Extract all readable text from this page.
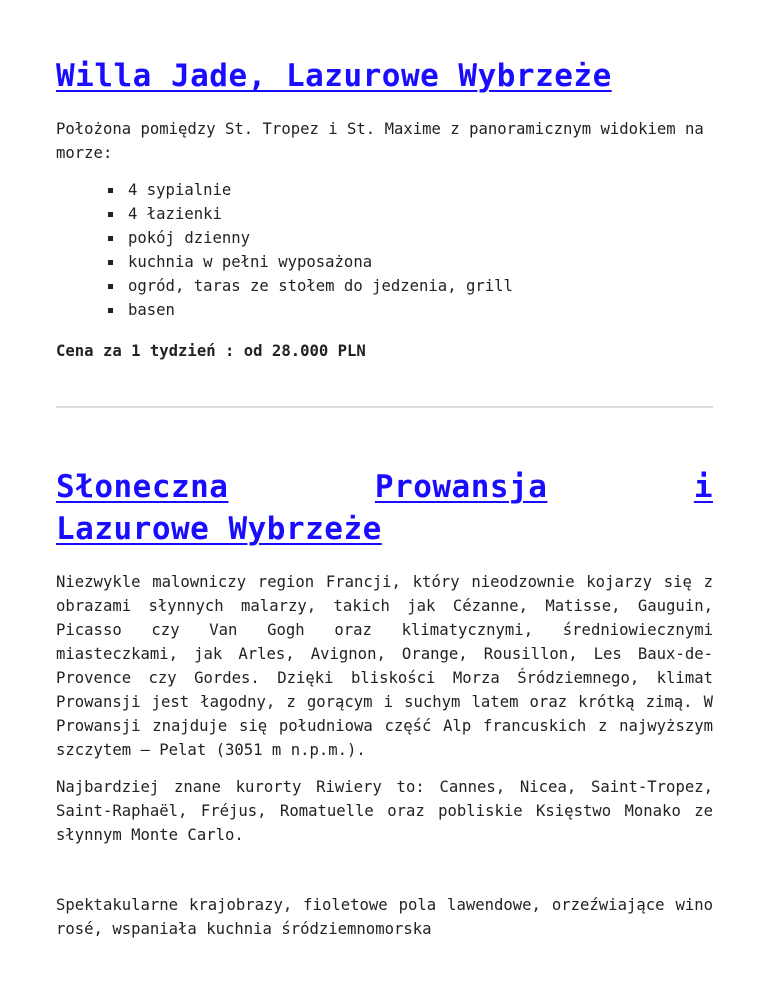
Willa Jade, Lazurowe Wybrzeże

Położona pomiędzy St. Tropez i St. Maxime z panoramicznym widokiem na morze:

4 sypialnie
4 łazienki
pokój dzienny
kuchnia w pełni wyposażona
ogród, taras ze stołem do jedzenia, grill
basen

Cena za 1 tydzień : od 28.000 PLN

Słoneczna	Prowansja	i
Lazurowe Wybrzeże

Niezwykle malowniczy region Francji, który nieodzownie kojarzy się z obrazami słynnych malarzy, takich jak Cézanne, Matisse, Gauguin, Picasso czy Van Gogh oraz klimatycznymi, średniowiecznymi miasteczkami, jak Arles, Avignon, Orange, Rousillon, Les Baux-de-Provence czy Gordes. Dzięki bliskości Morza Śródziemnego, klimat Prowansji jest łagodny, z gorącym i suchym latem oraz krótką zimą. W Prowansji znajduje się południowa część Alp francuskich z najwyższym szczytem – Pelat (3051 m n.p.m.).

Najbardziej znane kurorty Riwiery to: Cannes, Nicea, Saint-Tropez, Saint-Raphaël, Fréjus, Romatuelle oraz pobliskie Księstwo Monako ze słynnym Monte Carlo.

Spektakularne krajobrazy, fioletowe pola lawendowe, orzeźwiające wino rosé, wspaniała kuchnia śródziemnomorska
